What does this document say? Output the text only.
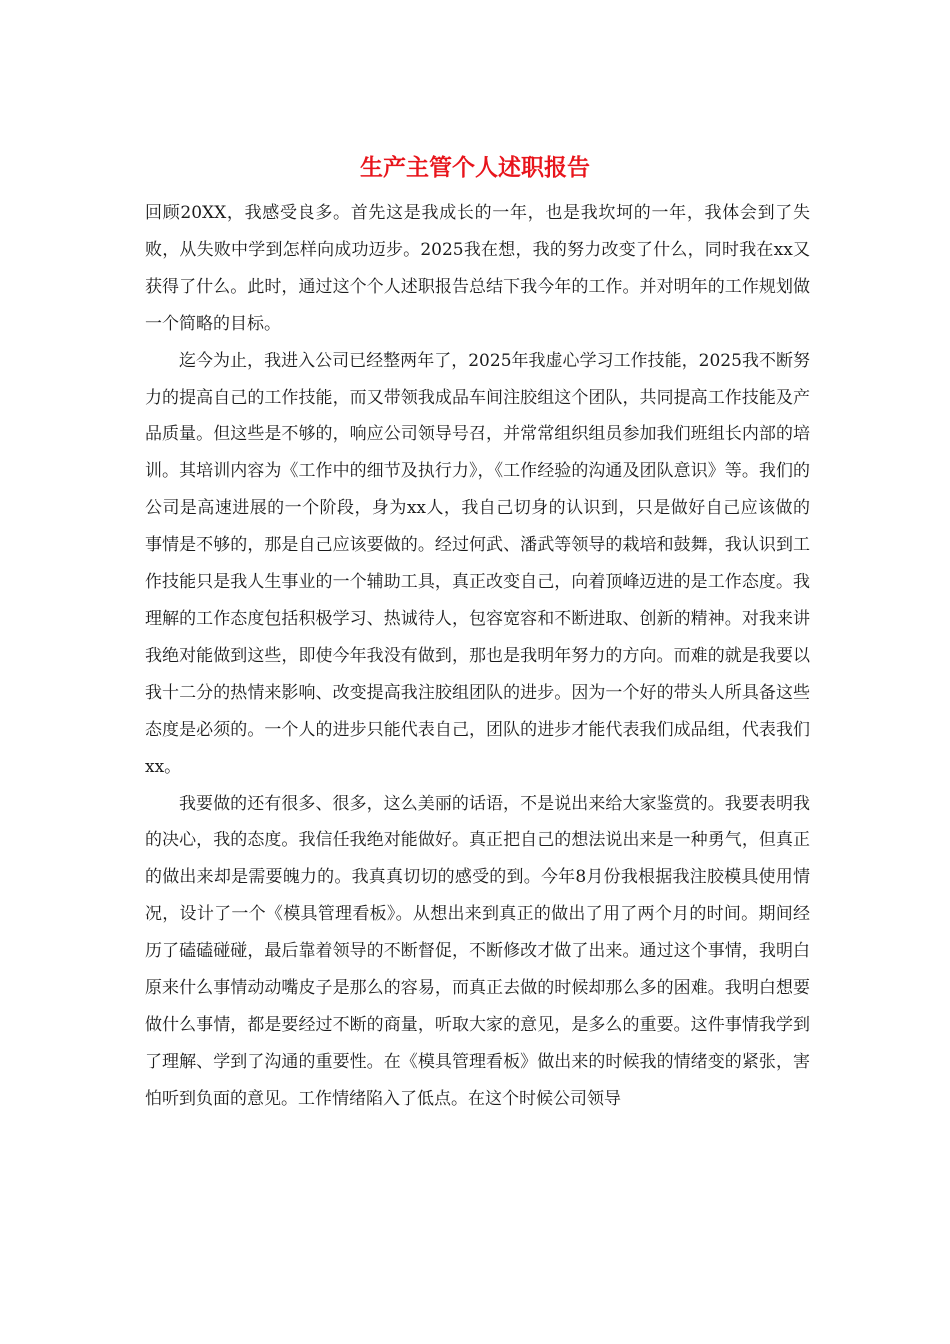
生产主管个人述职报告

回顾20XX，我感受良多。首先这是我成长的一年，也是我坎坷的一年，我体会到了失败，从失败中学到怎样向成功迈步。2025我在想，我的努力改变了什么，同时我在xx又获得了什么。此时，通过这个个人述职报告总结下我今年的工作。并对明年的工作规划做一个简略的目标。

迄今为止，我进入公司已经整两年了，2025年我虚心学习工作技能，2025我不断努力的提高自己的工作技能，而又带领我成品车间注胶组这个团队，共同提高工作技能及产品质量。但这些是不够的，响应公司领导号召，并常常组织组员参加我们班组长内部的培训。其培训内容为《工作中的细节及执行力》，《工作经验的沟通及团队意识》等。我们的公司是高速进展的一个阶段，身为xx人，我自己切身的认识到，只是做好自己应该做的事情是不够的，那是自己应该要做的。经过何武、潘武等领导的栽培和鼓舞，我认识到工作技能只是我人生事业的一个辅助工具，真正改变自己，向着顶峰迈进的是工作态度。我理解的工作态度包括积极学习、热诚待人，包容宽容和不断进取、创新的精神。对我来讲我绝对能做到这些，即使今年我没有做到，那也是我明年努力的方向。而难的就是我要以我十二分的热情来影响、改变提高我注胶组团队的进步。因为一个好的带头人所具备这些态度是必须的。一个人的进步只能代表自己，团队的进步才能代表我们成品组，代表我们xx。

我要做的还有很多、很多，这么美丽的话语，不是说出来给大家鉴赏的。我要表明我的决心，我的态度。我信任我绝对能做好。真正把自己的想法说出来是一种勇气，但真正的做出来却是需要魄力的。我真真切切的感受的到。今年8月份我根据我注胶模具使用情况，设计了一个《模具管理看板》。从想出来到真正的做出了用了两个月的时间。期间经历了磕磕碰碰，最后靠着领导的不断督促，不断修改才做了出来。通过这个事情，我明白原来什么事情动动嘴皮子是那么的容易，而真正去做的时候却那么多的困难。我明白想要做什么事情，都是要经过不断的商量，听取大家的意见，是多么的重要。这件事情我学到了理解、学到了沟通的重要性。在《模具管理看板》做出来的时候我的情绪变的紧张，害怕听到负面的意见。工作情绪陷入了低点。在这个时候公司领导
